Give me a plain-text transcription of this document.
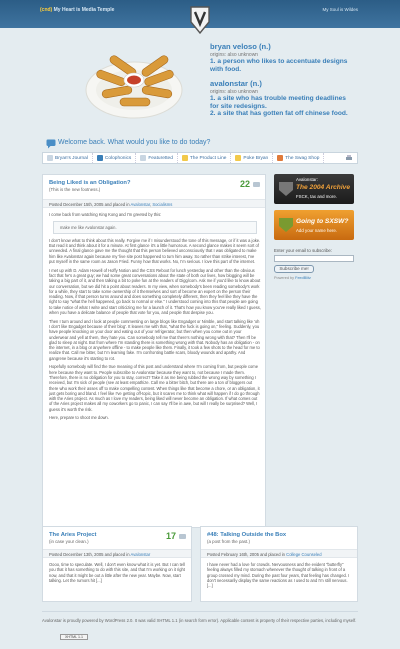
(cnd) My Heart is Media Temple	My Soul is Wildes
bryan veloso (n.)
origins: also unknown
1. a person who likes to accentuate designs
with food.
avalonstar (n.)
origins: also unknown
1. a site who has trouble meeting deadlines
for site redesigns.
2. a site that has gotten fat off chinese food.
Welcome back. What would you like to do today?
Bryan's Journal	Colophonics	Featuretted	The Product Line	Poke Bryan	The Swag Shop
Being Liked is an Obligation?
(This is the new footness.)
22
Posted December 15th, 2005 and placed in Avalonstar, Socialisms

I come back from watching King Kong and I'm greeted by this:

make me like Avalonstar again.

I don't know what to think about this really. Forgive me if I misunderstood the tone of this message, or if it was a joke. But read it and think about it for a minute. At first glance it's a little humorous. A second glance makes it seem sort of unneeded. A final glance gave me the thought that this person believed unconsciously that I was obligated to make him like Avalonstar again because my 'live site post happened to turn him away. So rather than strike interest, I've put myself in the same room as Jason Fried. Funny how that works. No, I'm serious. I love this part of the internet.

I met up with D. Adam Howell of Hoffy Notion and the CSS Reboot for lunch yesterday and other than the obvious fact that he's a great guy; we had some great conversations about the state of both our lives, how blogging will be taking a big part of it, and then talking a bit to poke fun at the readers of Digg/com. Ask me if you'd like to know about our conversation, but we did hit a point about readers. In my view, when somebody's been reading somebody's work for a while, they start to take some ownership of it themselves and sort of become an expert on the person their reading. Now, if that person turns around and does something completely different, then they feel like they have the right to say "what the hell happened, go back to normal or else." I understood coming into this that people are going to take notice of what I write and start criticizing me for a launch of it. That's how you know you've really liked I guess, when you have a delicate balance of people that vote for you, and people that despise you.

Then I turn around and I look at people commenting on large blogs like Engadget or Nimble, and start talking like 'oh I don't like Engadget because of their blog'. It leaves me with that, "what the fuck is going on," feeling. Suddenly, you have people knocking on your door and eating out of your refrigerator, but then when you come out in your underwear and yell at them, they hate you. Can somebody tell me that there's nothing wrong with that? Then I'll be glad to sleep at night. But from where I'm standing there is something wrong with that. Nobody has an obligation - on the internet, in a blog or anywhere offline - to make people like them. Finally, it took a few shots to the head for me to realize that. Call me bitter, but I'm learning fake. I'm confronting battle scars, bloody wounds and apathy. And gangrene because it's starting to rot.

Hopefully somebody will find the true meaning of this post and understand where I'm coming from, but people come here because they want to. People subscribe to Avalonstar because they want to, not because I made them. Therefore, there is no obligation for you to stay, correct? Take it as me being rubbed the wrong way by something I received, but I'm sick of people (see at least empathize. Call me a bitter bitch, but there are a ton of bloggers out there who work their asses off to make compelling content. When things like that become a chore, or an obligation, it just gets boring and bland. I feel like I've getting off-topic, but it scares me to think what will happen if I do go through with the Aries project. As much as I love my readers, being liked will never become an obligation. If what comes out of the Aries project makes all my coworkers go to panic, I can say I'll be in awe, but will I really be surprised? Well, I guess it's worth the risk.

Here, prepare to shoot me down.

Avalonstar:
The 2004 Archive
FSCK, tax and more.
Going to SXSW?
Add your name here.
Enter your email to subscribe:
Subscribe me!
Powered by FeedBlitz
The Aries Project
(in case your clean.)
17
Posted December 13th, 2005 and placed in Avalonstar

Oooo, time to speculate. Well, I don't even know what it is yet. But I can tell you that it has something to do with this site, and that I'm working on it right now, and that it might be out a little after the new year. Maybe. Now, start talking. Let the rumors hit [...]

#48: Talking Outside the Box
(a post from the past.)
Posted February 16th, 2005 and placed in College Counseled

I have never had a love for crowds. Nervousness and the evident "butterfly" feeling always filled my stomach whenever the thought of talking in front of a group crossed my mind. During the past four years, that feeling has changed. I don't necessarily display the same reactions as I used to and I'm still nervous. [...]

Avalonstar is proudly powered by WordPress 2.0. It was valid XHTML 1.1 (in search form error). Applicable content is property of their respective parties, including myself.
XHTML 1.1
